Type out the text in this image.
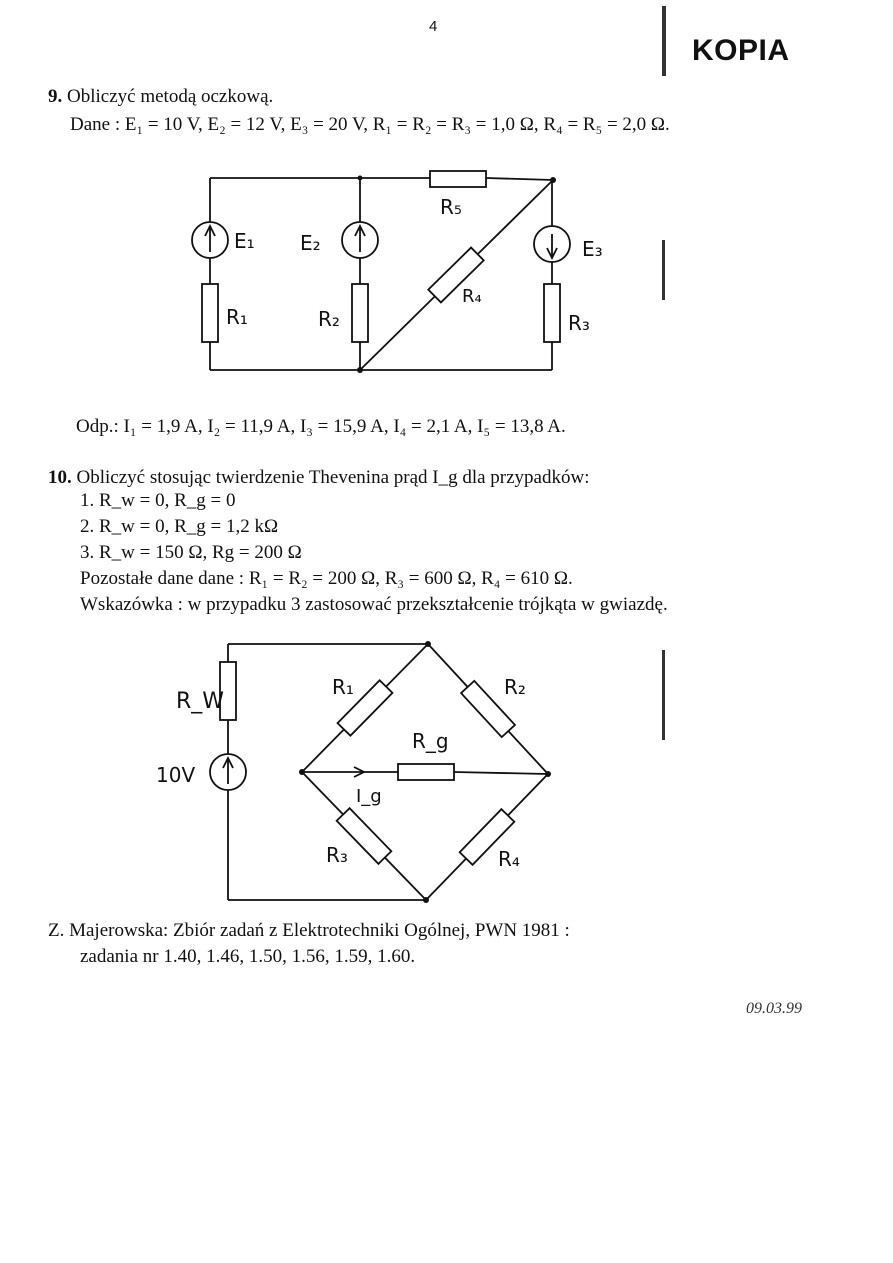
4
KOPIA
9. Obliczyć metodą oczkową.
Dane : E₁ = 10 V, E₂ = 12 V, E₃ = 20 V, R₁ = R₂ = R₃ = 1,0 Ω, R₄ = R₅ = 2,0 Ω.
E₁ E₂	E₃
R₁	R₂	R₃
R₄
R₅
Odp.: I₁ = 1,9 A, I₂ = 11,9 A, I₃ = 15,9 A, I₄ = 2,1 A, I₅ = 13,8 A.
10. Obliczyć stosując twierdzenie Thevenina prąd I_g dla przypadków:
1. R_w = 0, R_g = 0
2. R_w = 0, R_g = 1,2 kΩ
3. R_w = 150 Ω, Rg = 200 Ω
Pozostałe dane dane : R₁ = R₂ = 200 Ω, R₃ = 600 Ω, R₄ = 610 Ω.
Wskazówka : w przypadku 3 zastosować przekształcenie trójkąta w gwiazdę.
R_W
10V
R₁	R₂
R₃	R₄
R_g
I_g
Z. Majerowska: Zbiór zadań z Elektrotechniki Ogólnej, PWN 1981 :
zadania nr 1.40, 1.46, 1.50, 1.56, 1.59, 1.60.
09.03.99
